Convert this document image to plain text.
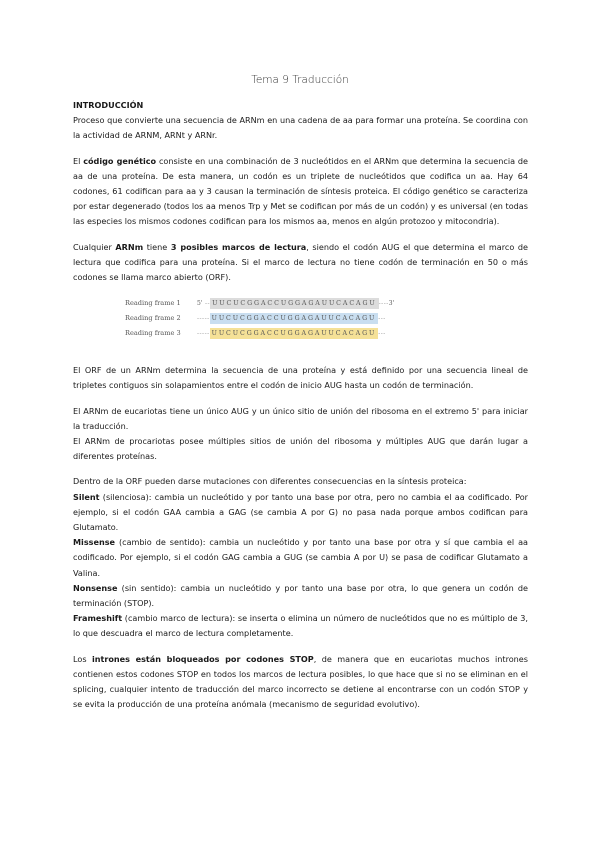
Tema 9 Traducción

INTRODUCCIÓN

Proceso que convierte una secuencia de ARNm en una cadena de aa para formar una proteína. Se coordina con la actividad de ARNM, ARNt y ARNr.

El código genético consiste en una combinación de 3 nucleótidos en el ARNm que determina la secuencia de aa de una proteína. De esta manera, un codón es un triplete de nucleótidos que codifica un aa. Hay 64 codones, 61 codifican para aa y 3 causan la terminación de síntesis proteica. El código genético se caracteriza por estar degenerado (todos los aa menos Trp y Met se codifican por más de un codón) y es universal (en todas las especies los mismos codones codifican para los mismos aa, menos en algún protozoo y mitocondria).

Cualquier ARNm tiene 3 posibles marcos de lectura, siendo el codón AUG el que determina el marco de lectura que codifica para una proteína. Si el marco de lectura no tiene codón de terminación en 50 o más codones se llama marco abierto (ORF).

Reading frame 1	5' -- UUCUCGGACCUGGAGAUUCACAGU ---- 3'
Reading frame 2	----- UUCUCGGACCUGGAGAUUCACAGU ---
Reading frame 3	----- UUCUCGGACCUGGAGAUUCACAGU ---

El ORF de un ARNm determina la secuencia de una proteína y está definido por una secuencia lineal de tripletes contiguos sin solapamientos entre el codón de inicio AUG hasta un codón de terminación.

El ARNm de eucariotas tiene un único AUG y un único sitio de unión del ribosoma en el extremo 5' para iniciar la traducción.

El ARNm de procariotas posee múltiples sitios de unión del ribosoma y múltiples AUG que darán lugar a diferentes proteínas.

Dentro de la ORF pueden darse mutaciones con diferentes consecuencias en la síntesis proteica:

Silent (silenciosa): cambia un nucleótido y por tanto una base por otra, pero no cambia el aa codificado. Por ejemplo, si el codón GAA cambia a GAG (se cambia A por G) no pasa nada porque ambos codifican para Glutamato.

Missense (cambio de sentido): cambia un nucleótido y por tanto una base por otra y sí que cambia el aa codificado. Por ejemplo, si el codón GAG cambia a GUG (se cambia A por U) se pasa de codificar Glutamato a Valina.

Nonsense (sin sentido): cambia un nucleótido y por tanto una base por otra, lo que genera un codón de terminación (STOP).

Frameshift (cambio marco de lectura): se inserta o elimina un número de nucleótidos que no es múltiplo de 3, lo que descuadra el marco de lectura completamente.

Los intrones están bloqueados por codones STOP, de manera que en eucariotas muchos intrones contienen estos codones STOP en todos los marcos de lectura posibles, lo que hace que si no se eliminan en el splicing, cualquier intento de traducción del marco incorrecto se detiene al encontrarse con un codón STOP y se evita la producción de una proteína anómala (mecanismo de seguridad evolutivo).
